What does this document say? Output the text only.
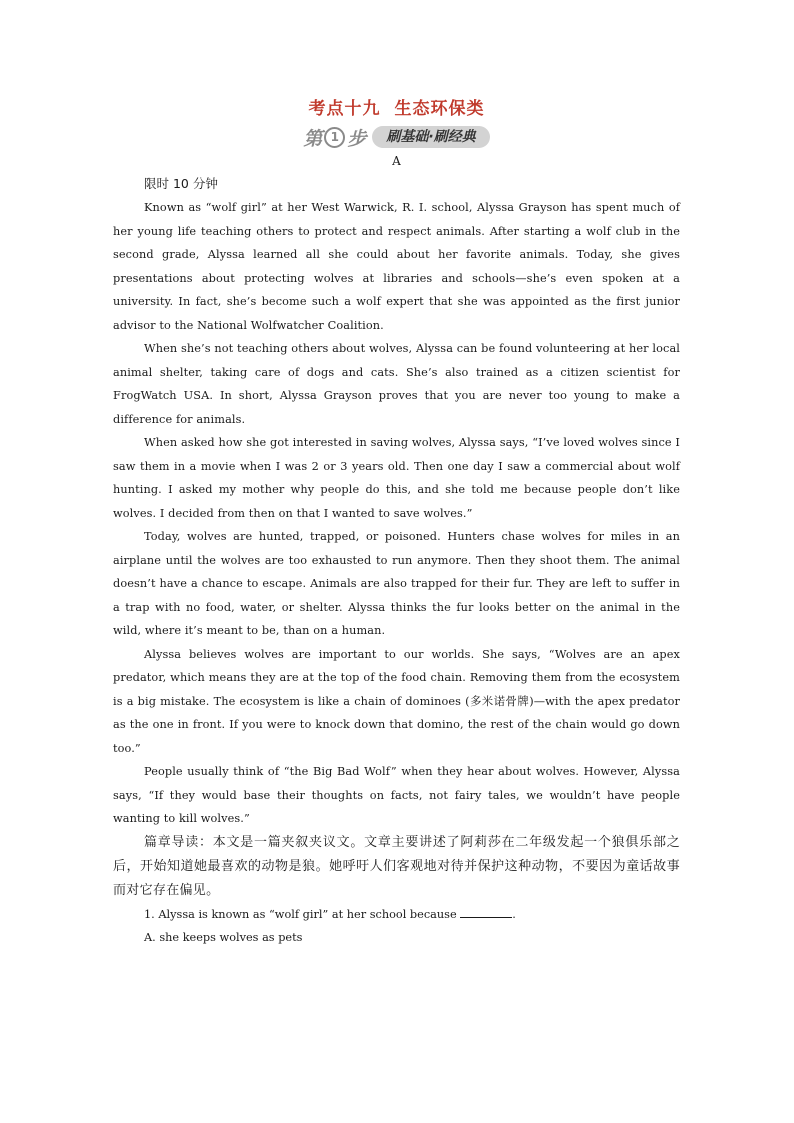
考点十九 生态环保类
第 1 步	刷基础·刷经典
A
限时 10 分钟

Known as “wolf girl” at her West Warwick, R. I. school, Alyssa Grayson has spent much of her young life teaching others to protect and respect animals. After starting a wolf club in the second grade, Alyssa learned all she could about her favorite animals. Today, she gives presentations about protecting wolves at libraries and schools—she’s even spoken at a university. In fact, she’s become such a wolf expert that she was appointed as the first junior advisor to the National Wolfwatcher Coalition.

When she’s not teaching others about wolves, Alyssa can be found volunteering at her local animal shelter, taking care of dogs and cats. She’s also trained as a citizen scientist for FrogWatch USA. In short, Alyssa Grayson proves that you are never too young to make a difference for animals.

When asked how she got interested in saving wolves, Alyssa says, “I’ve loved wolves since I saw them in a movie when I was 2 or 3 years old. Then one day I saw a commercial about wolf hunting. I asked my mother why people do this, and she told me because people don’t like wolves. I decided from then on that I wanted to save wolves.”

Today, wolves are hunted, trapped, or poisoned. Hunters chase wolves for miles in an airplane until the wolves are too exhausted to run anymore. Then they shoot them. The animal doesn’t have a chance to escape. Animals are also trapped for their fur. They are left to suffer in a trap with no food, water, or shelter. Alyssa thinks the fur looks better on the animal in the wild, where it’s meant to be, than on a human.

Alyssa believes wolves are important to our worlds. She says, “Wolves are an apex predator, which means they are at the top of the food chain. Removing them from the ecosystem is a big mistake. The ecosystem is like a chain of dominoes (多米诺骨牌)—with the apex predator as the one in front. If you were to knock down that domino, the rest of the chain would go down too.”

People usually think of “the Big Bad Wolf” when they hear about wolves. However, Alyssa says, “If they would base their thoughts on facts, not fairy tales, we wouldn’t have people wanting to kill wolves.”

篇章导读：本文是一篇夹叙夹议文。文章主要讲述了阿莉莎在二年级发起一个狼俱乐部之后，开始知道她最喜欢的动物是狼。她呼吁人们客观地对待并保护这种动物，不要因为童话故事而对它存在偏见。

1. Alyssa is known as “wolf girl” at her school because	.

A. she keeps wolves as pets
